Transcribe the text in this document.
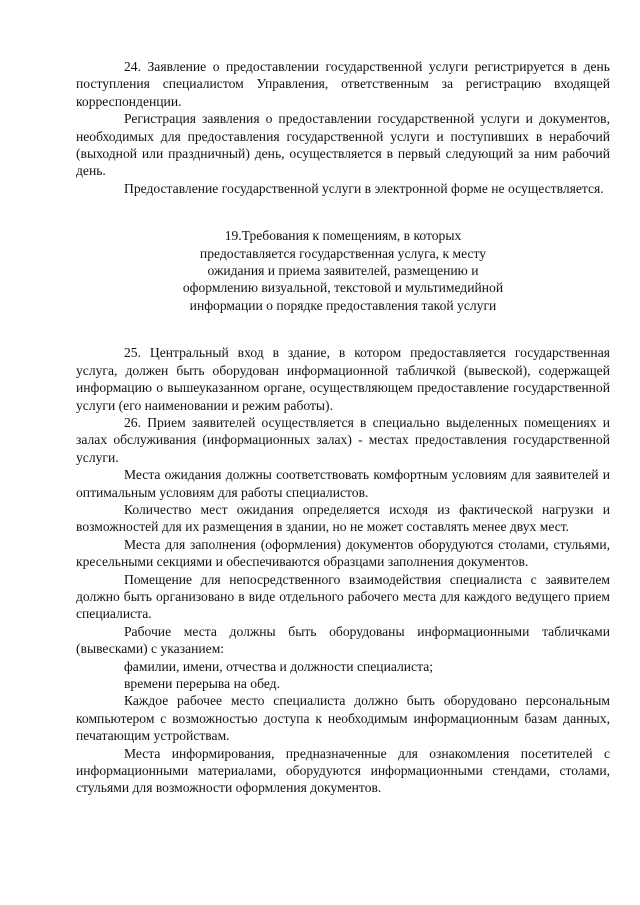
24. Заявление о предоставлении государственной услуги регистрируется в день поступления специалистом Управления, ответственным за регистрацию входящей корреспонденции.

Регистрация заявления о предоставлении государственной услуги и документов, необходимых для предоставления государственной услуги и поступивших в нерабочий (выходной или праздничный) день, осуществляется в первый следующий за ним рабочий день.

Предоставление государственной услуги в электронной форме не осуществляется.

19.Требования к помещениям, в которых предоставляется государственная услуга, к месту ожидания и приема заявителей, размещению и оформлению визуальной, текстовой и мультимедийной информации о порядке предоставления такой услуги

25. Центральный вход в здание, в котором предоставляется государственная услуга, должен быть оборудован информационной табличкой (вывеской), содержащей информацию о вышеуказанном органе, осуществляющем предоставление государственной услуги (его наименовании и режим работы).

26. Прием заявителей осуществляется в специально выделенных помещениях и залах обслуживания (информационных залах) - местах предоставления государственной услуги.

Места ожидания должны соответствовать комфортным условиям для заявителей и оптимальным условиям для работы специалистов.

Количество мест ожидания определяется исходя из фактической нагрузки и возможностей для их размещения в здании, но не может составлять менее двух мест.

Места для заполнения (оформления) документов оборудуются столами, стульями, кресельными секциями и обеспечиваются образцами заполнения документов.

Помещение для непосредственного взаимодействия специалиста с заявителем должно быть организовано в виде отдельного рабочего места для каждого ведущего прием специалиста.

Рабочие места должны быть оборудованы информационными табличками (вывесками) с указанием:

фамилии, имени, отчества и должности специалиста;

времени перерыва на обед.

Каждое рабочее место специалиста должно быть оборудовано персональным компьютером с возможностью доступа к необходимым информационным базам данных, печатающим устройствам.

Места информирования, предназначенные для ознакомления посетителей с информационными материалами, оборудуются информационными стендами, столами, стульями для возможности оформления документов.
